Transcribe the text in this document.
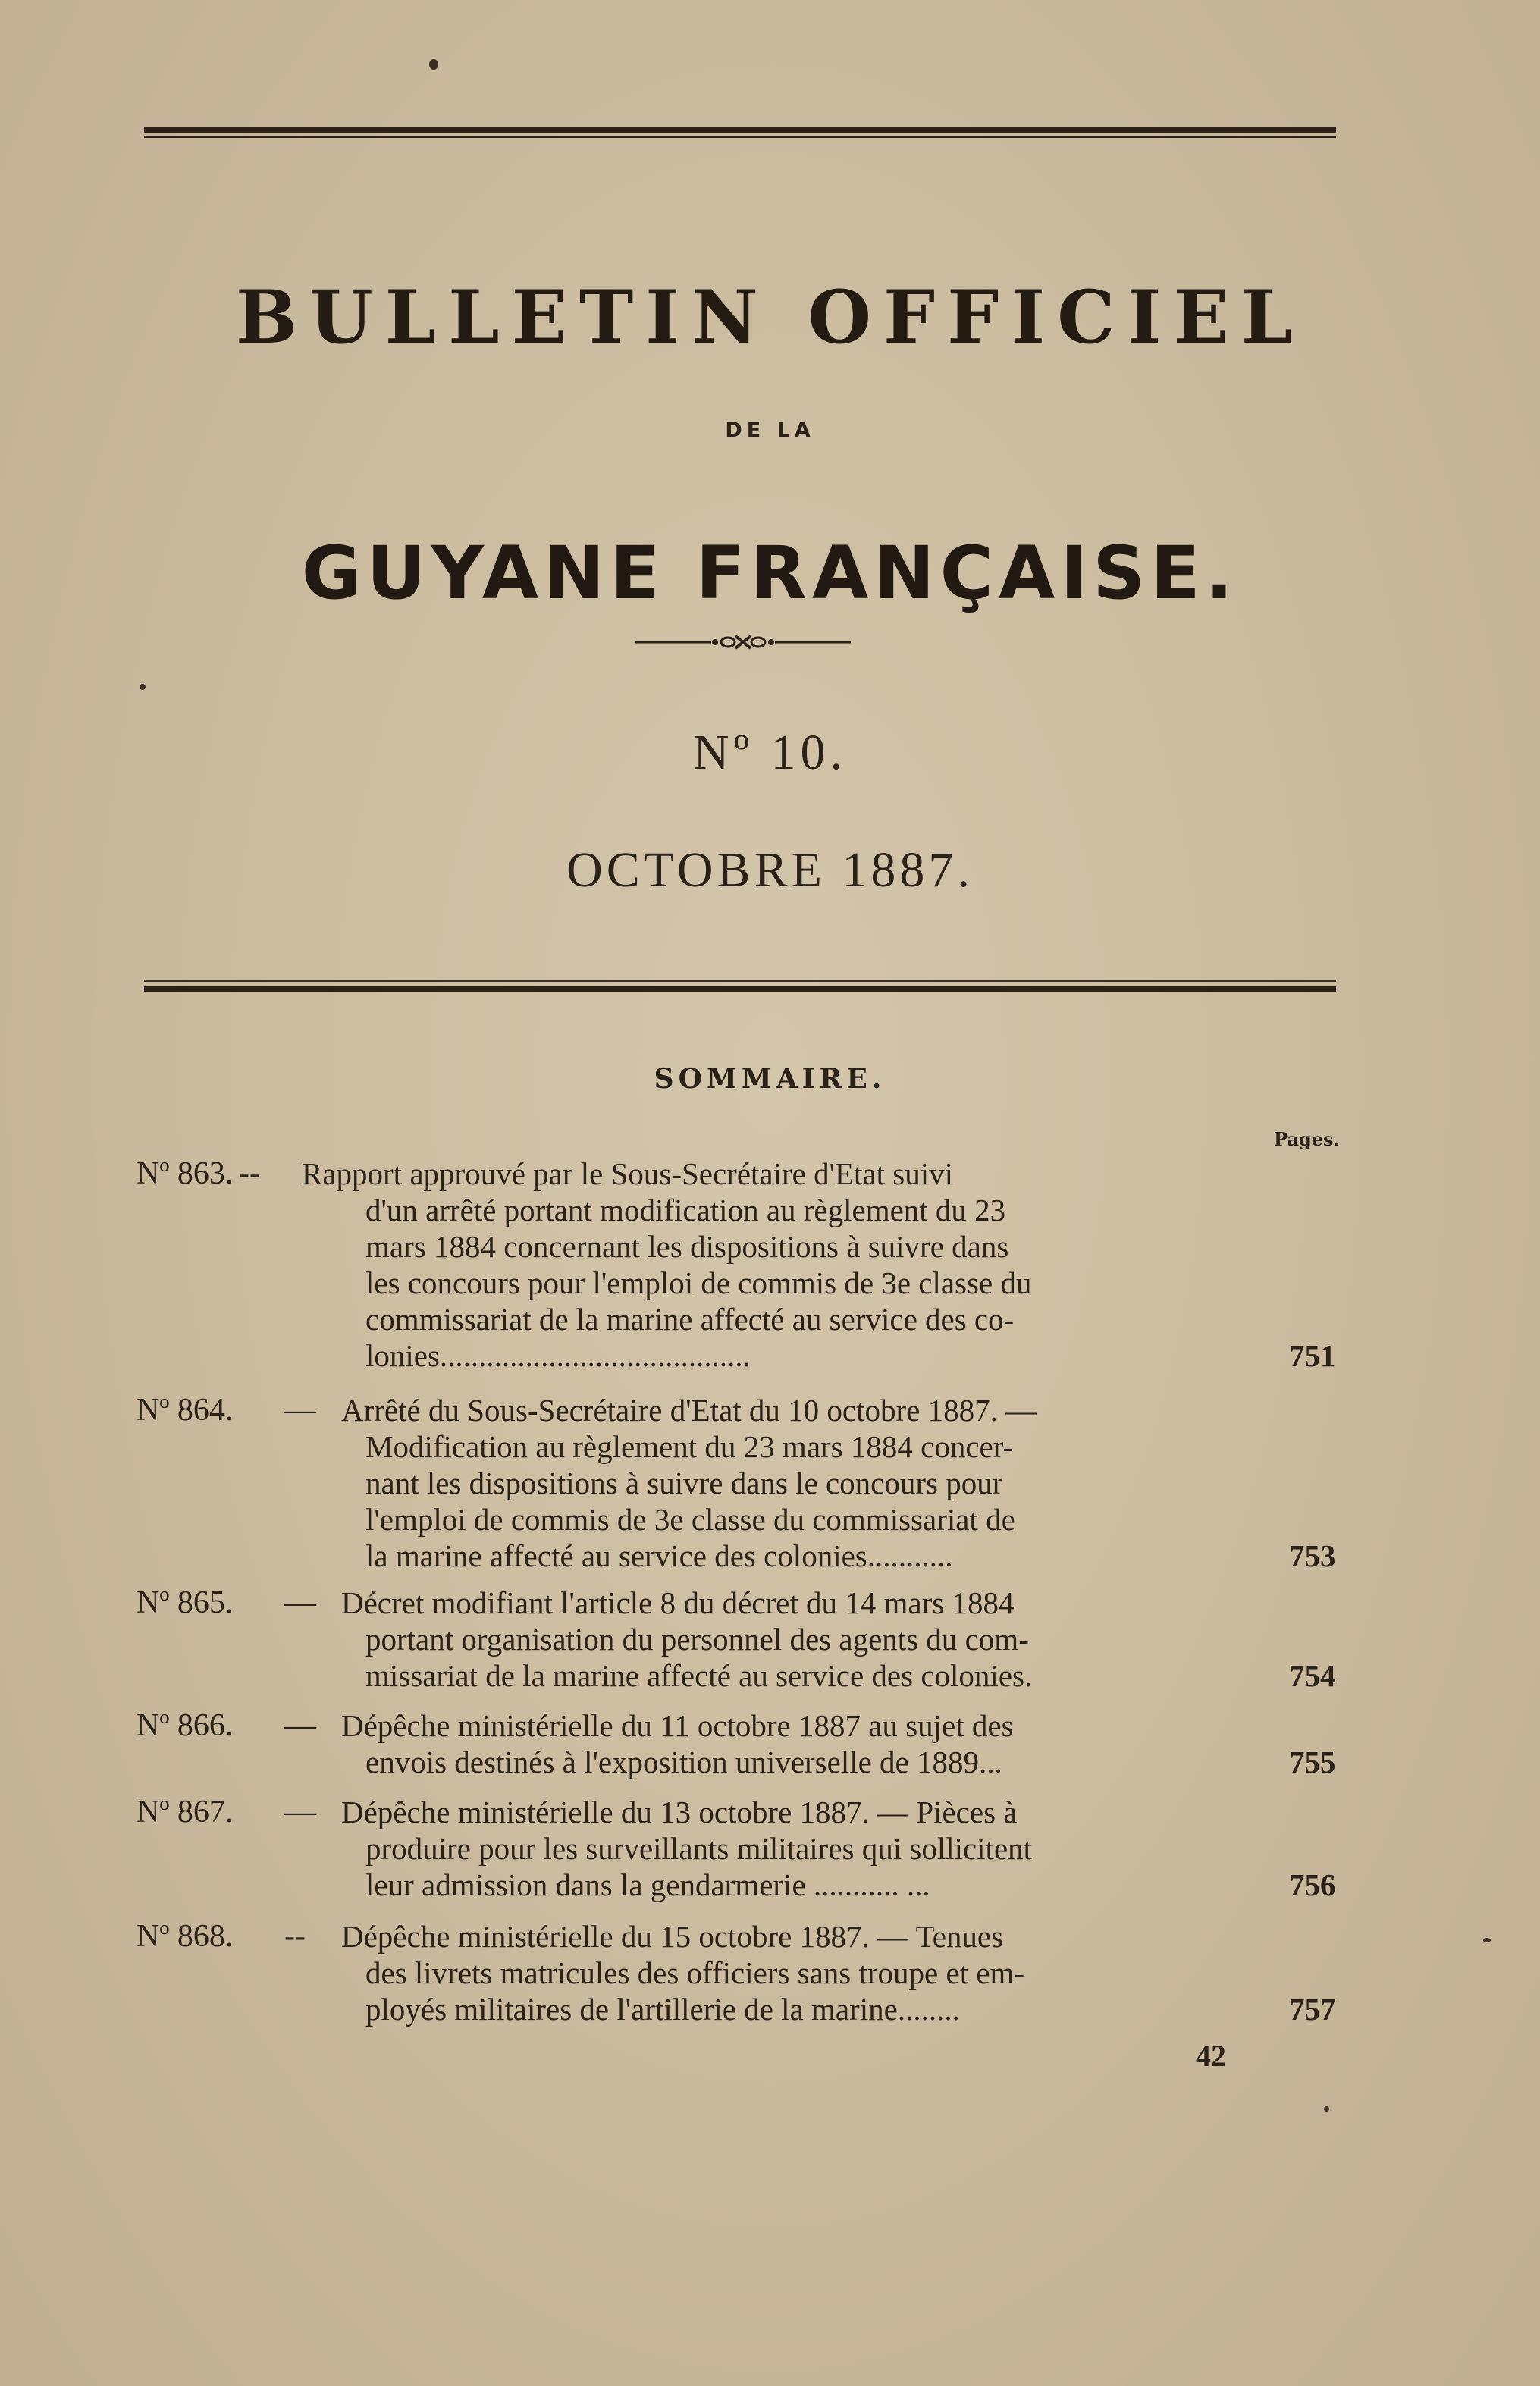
BULLETIN OFFICIEL
DE LA
GUYANE FRANÇAISE.
Nº 10.
OCTOBRE 1887.
SOMMAIRE.
Pages.
Nº 863. -- Rapport approuvé par le Sous-Secrétaire d'Etat suivi
d'un arrêté portant modification au règlement du 23
mars 1884 concernant les dispositions à suivre dans
les concours pour l'emploi de commis de 3e classe du
commissariat de la marine affecté au service des co-
lonies........................................	751
Nº 864. — Arrêté du Sous-Secrétaire d'Etat du 10 octobre 1887. —
Modification au règlement du 23 mars 1884 concer-
nant les dispositions à suivre dans le concours pour
l'emploi de commis de 3e classe du commissariat de
la marine affecté au service des colonies...........	753
Nº 865. — Décret modifiant l'article 8 du décret du 14 mars 1884
portant organisation du personnel des agents du com-
missariat de la marine affecté au service des colonies.	754
Nº 866. — Dépêche ministérielle du 11 octobre 1887 au sujet des
envois destinés à l'exposition universelle de 1889...	755
Nº 867. — Dépêche ministérielle du 13 octobre 1887. — Pièces à
produire pour les surveillants militaires qui sollicitent
leur admission dans la gendarmerie ........... ...	756
Nº 868. -- Dépêche ministérielle du 15 octobre 1887. — Tenues
des livrets matricules des officiers sans troupe et em-
ployés militaires de l'artillerie de la marine........	757
42
